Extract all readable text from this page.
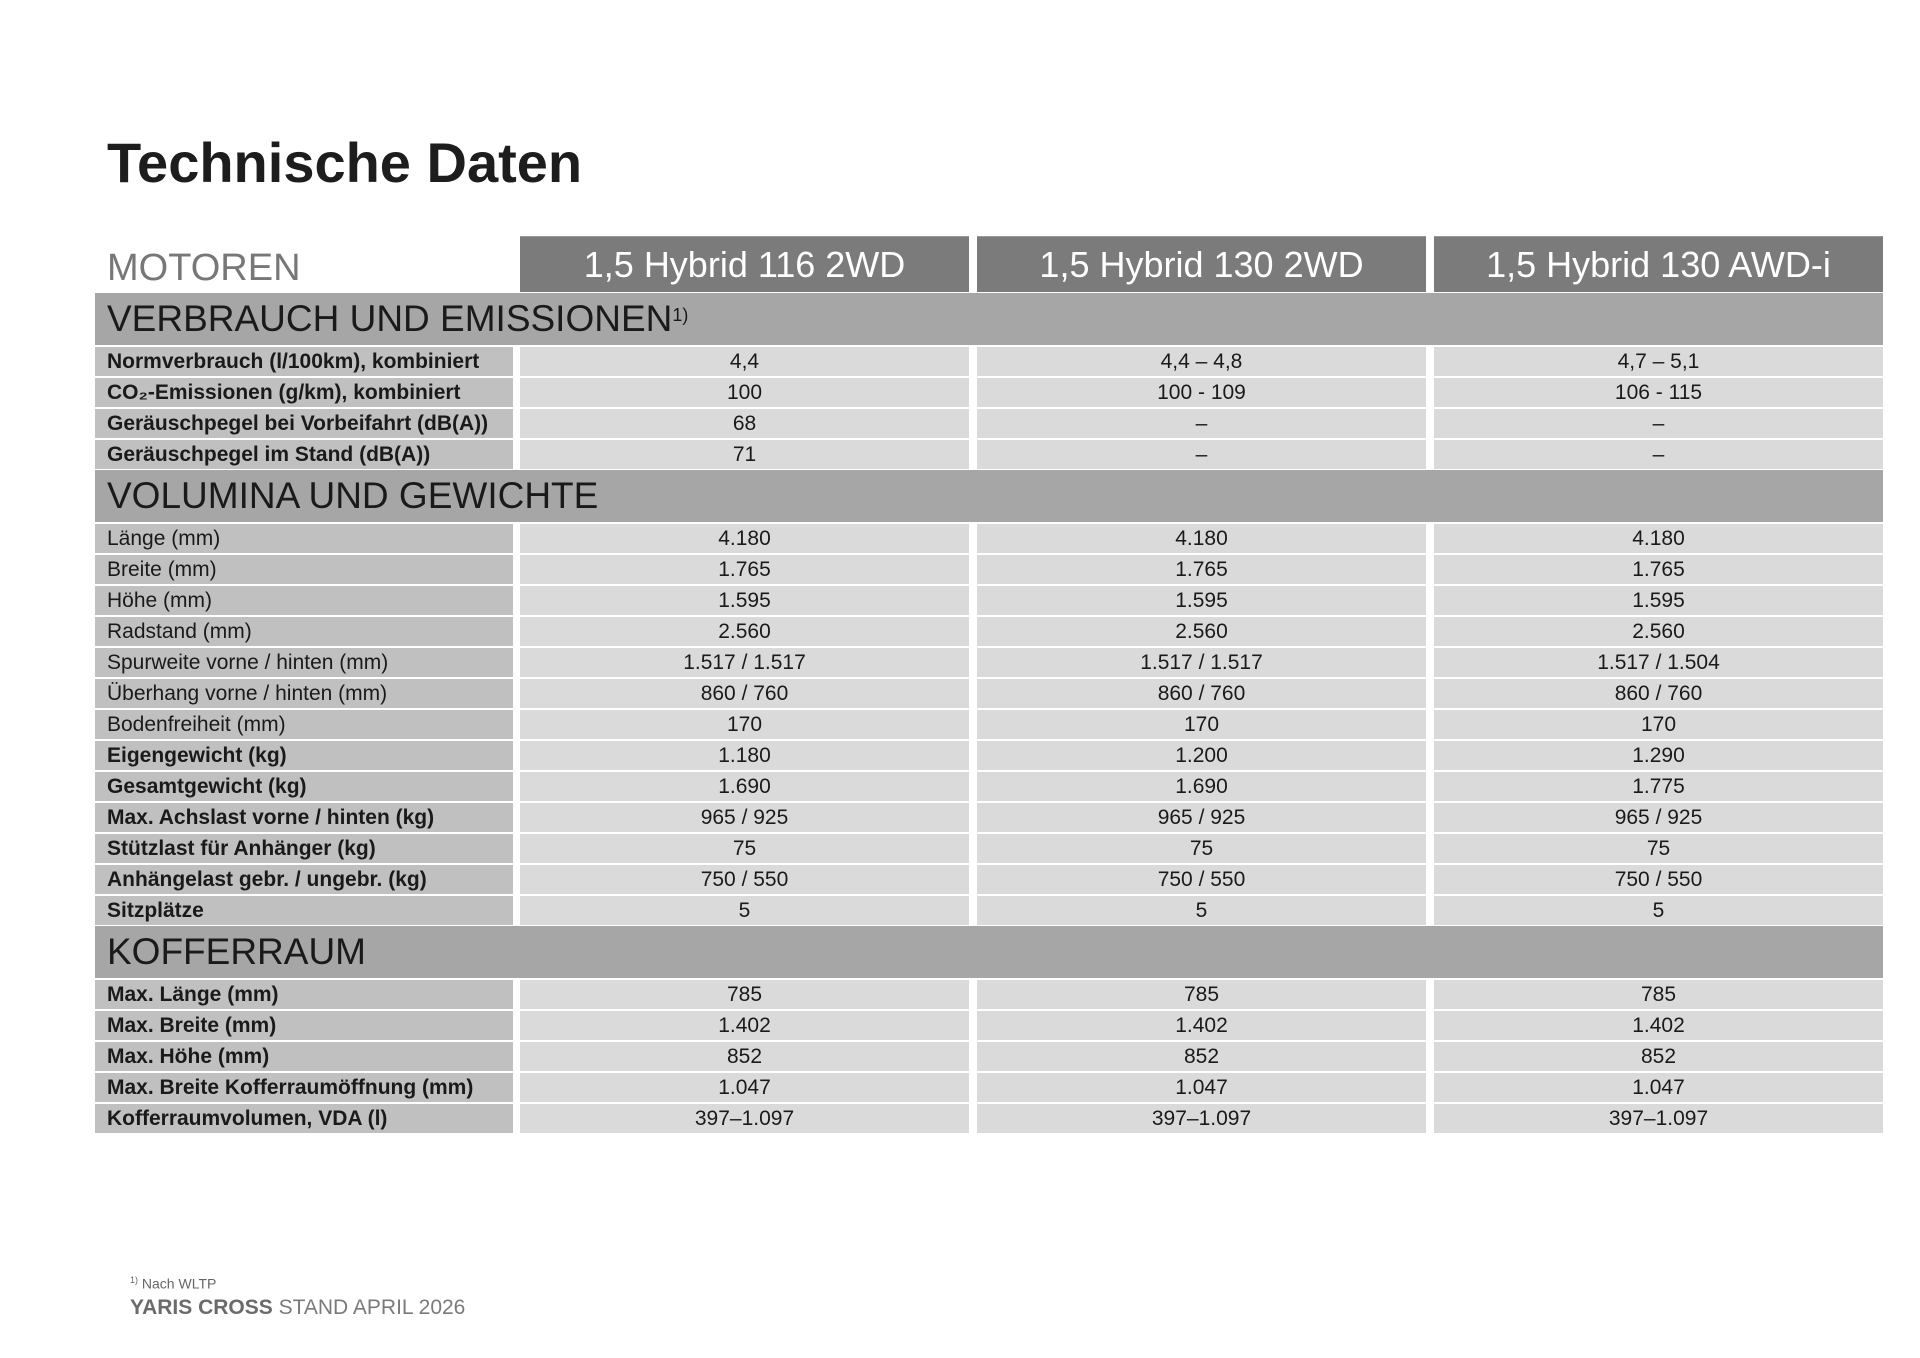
Technische Daten
MOTOREN	1,5 Hybrid 116 2WD	1,5 Hybrid 130 2WD	1,5 Hybrid 130 AWD-i
VERBRAUCH UND EMISSIONEN$^{1)}$
Normverbrauch (l/100km), kombiniert	4,4	4,4 – 4,8	4,7 – 5,1
CO₂-Emissionen (g/km), kombiniert	100	100 - 109	106 - 115
Geräuschpegel bei Vorbeifahrt (dB(A))	68	–	–
Geräuschpegel im Stand (dB(A))	71	–	–
VOLUMINA UND GEWICHTE
Länge (mm)	4.180	4.180	4.180
Breite (mm)	1.765	1.765	1.765
Höhe (mm)	1.595	1.595	1.595
Radstand (mm)	2.560	2.560	2.560
Spurweite vorne / hinten (mm)	1.517 / 1.517	1.517 / 1.517	1.517 / 1.504
Überhang vorne / hinten (mm)	860 / 760	860 / 760	860 / 760
Bodenfreiheit (mm)	170	170	170
Eigengewicht (kg)	1.180	1.200	1.290
Gesamtgewicht (kg)	1.690	1.690	1.775
Max. Achslast vorne / hinten (kg)	965 / 925	965 / 925	965 / 925
Stützlast für Anhänger (kg)	75	75	75
Anhängelast gebr. / ungebr. (kg)	750 / 550	750 / 550	750 / 550
Sitzplätze	5	5	5
KOFFERRAUM
Max. Länge (mm)	785	785	785
Max. Breite (mm)	1.402	1.402	1.402
Max. Höhe (mm)	852	852	852
Max. Breite Kofferraumöffnung (mm)	1.047	1.047	1.047
Kofferraumvolumen, VDA (l)	397–1.097	397–1.097	397–1.097
$^{1)}$ Nach WLTP
YARIS CROSS STAND APRIL 2026
